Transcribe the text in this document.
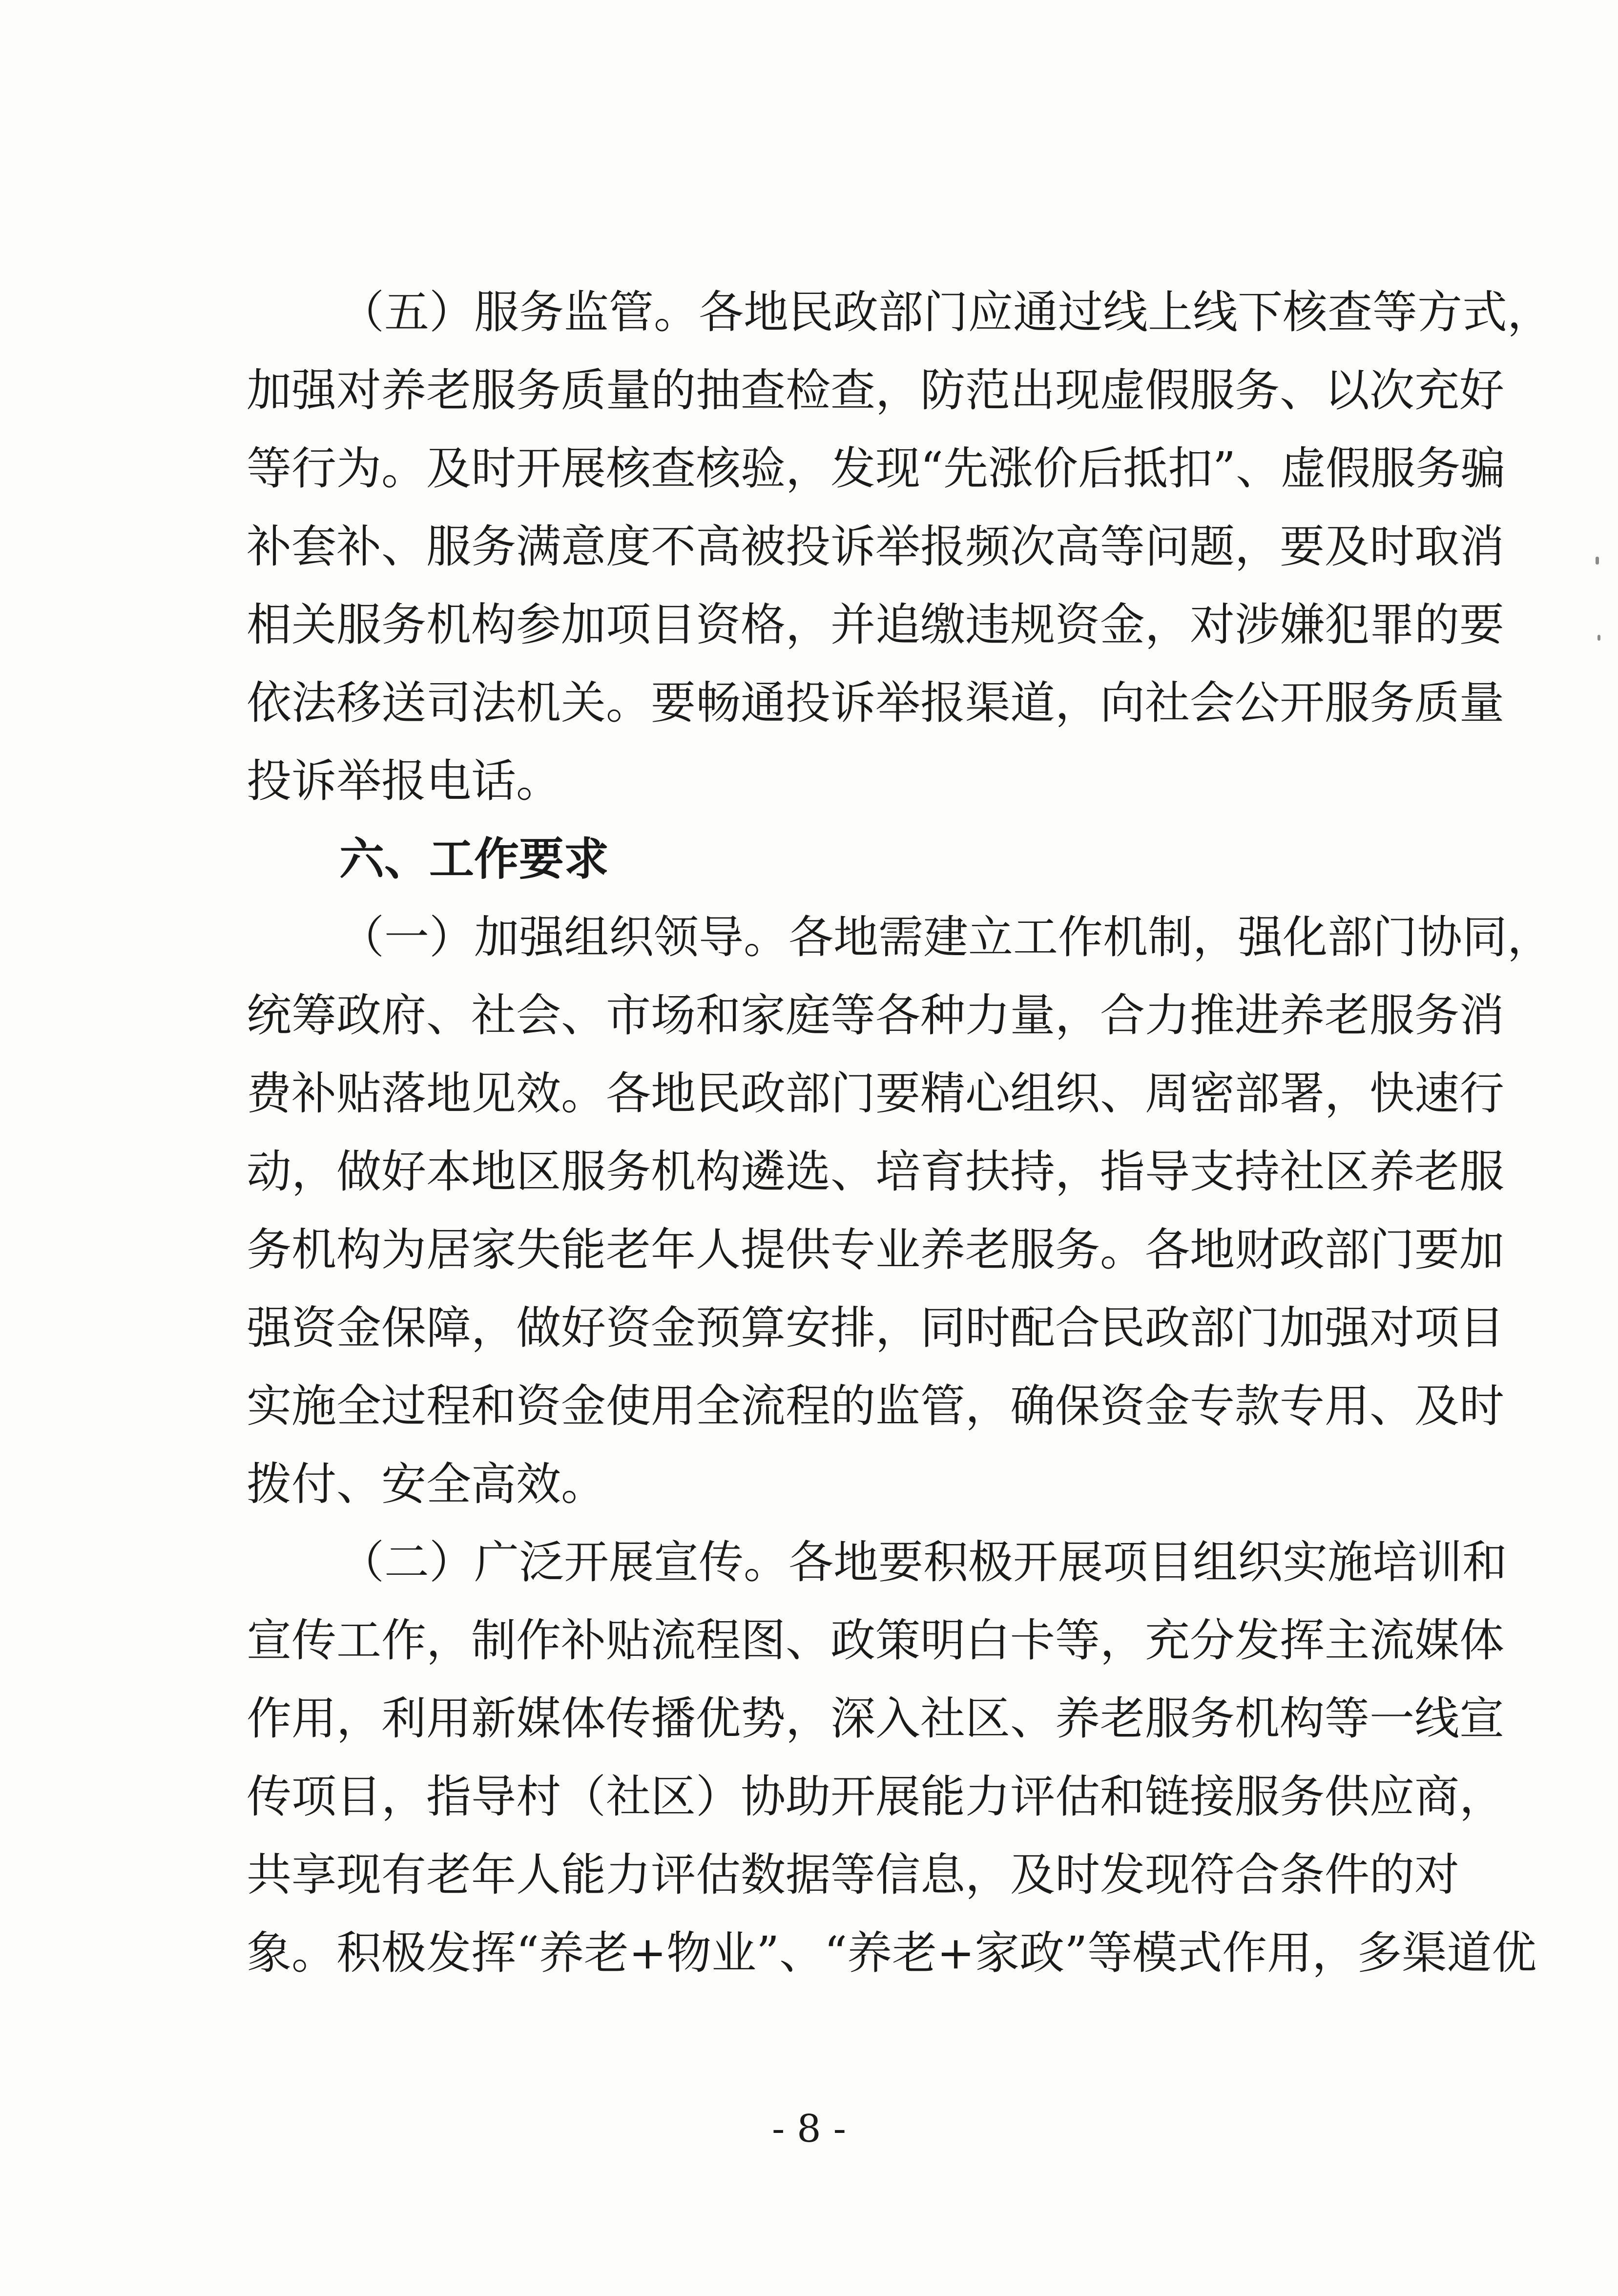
（五）服务监管。各地民政部门应通过线上线下核查等方式，
加强对养老服务质量的抽查检查，防范出现虚假服务、以次充好
等行为。及时开展核查核验，发现“先涨价后抵扣”、虚假服务骗
补套补、服务满意度不高被投诉举报频次高等问题，要及时取消
相关服务机构参加项目资格，并追缴违规资金，对涉嫌犯罪的要
依法移送司法机关。要畅通投诉举报渠道，向社会公开服务质量
投诉举报电话。
六、工作要求
（一）加强组织领导。各地需建立工作机制，强化部门协同，
统筹政府、社会、市场和家庭等各种力量，合力推进养老服务消
费补贴落地见效。各地民政部门要精心组织、周密部署，快速行
动，做好本地区服务机构遴选、培育扶持，指导支持社区养老服
务机构为居家失能老年人提供专业养老服务。各地财政部门要加
强资金保障，做好资金预算安排，同时配合民政部门加强对项目
实施全过程和资金使用全流程的监管，确保资金专款专用、及时
拨付、安全高效。
（二）广泛开展宣传。各地要积极开展项目组织实施培训和
宣传工作，制作补贴流程图、政策明白卡等，充分发挥主流媒体
作用，利用新媒体传播优势，深入社区、养老服务机构等一线宣
传项目，指导村（社区）协助开展能力评估和链接服务供应商，
共享现有老年人能力评估数据等信息，及时发现符合条件的对
象。积极发挥“养老+物业”、“养老+家政”等模式作用，多渠道优
- 8 -
